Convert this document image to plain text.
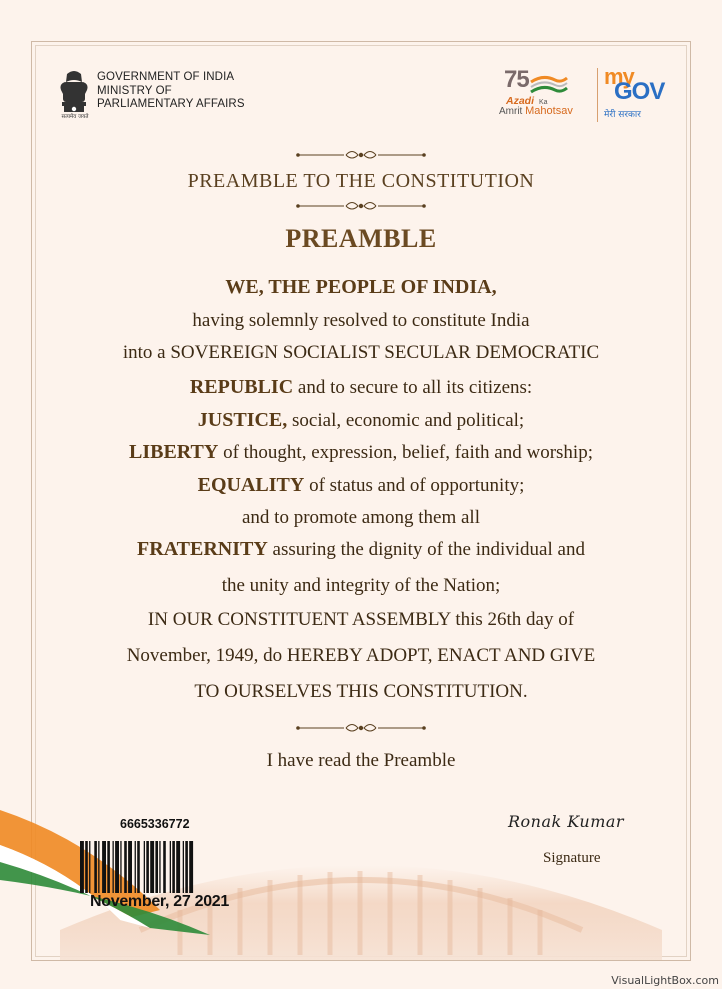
GOVERNMENT OF INDIA
MINISTRY OF
PARLIAMENTARY AFFAIRS
सत्यमेव जयते
75
Azadi Ka
Amrit Mahotsav
my
GOV
मेरी सरकार
PREAMBLE TO THE CONSTITUTION
PREAMBLE
WE, THE PEOPLE OF INDIA,
having solemnly resolved to constitute India
into a SOVEREIGN SOCIALIST SECULAR DEMOCRATIC
REPUBLIC and to secure to all its citizens:
JUSTICE, social, economic and political;
LIBERTY of thought, expression, belief, faith and worship;
EQUALITY of status and of opportunity;
and to promote among them all
FRATERNITY assuring the dignity of the individual and
the unity and integrity of the Nation;
IN OUR CONSTITUENT ASSEMBLY this 26th day of
November, 1949, do HEREBY ADOPT, ENACT AND GIVE
TO OURSELVES THIS CONSTITUTION.
I have read the Preamble
6665336772
November, 27 2021
Ronak Kumar
Signature
VisualLightBox.com
